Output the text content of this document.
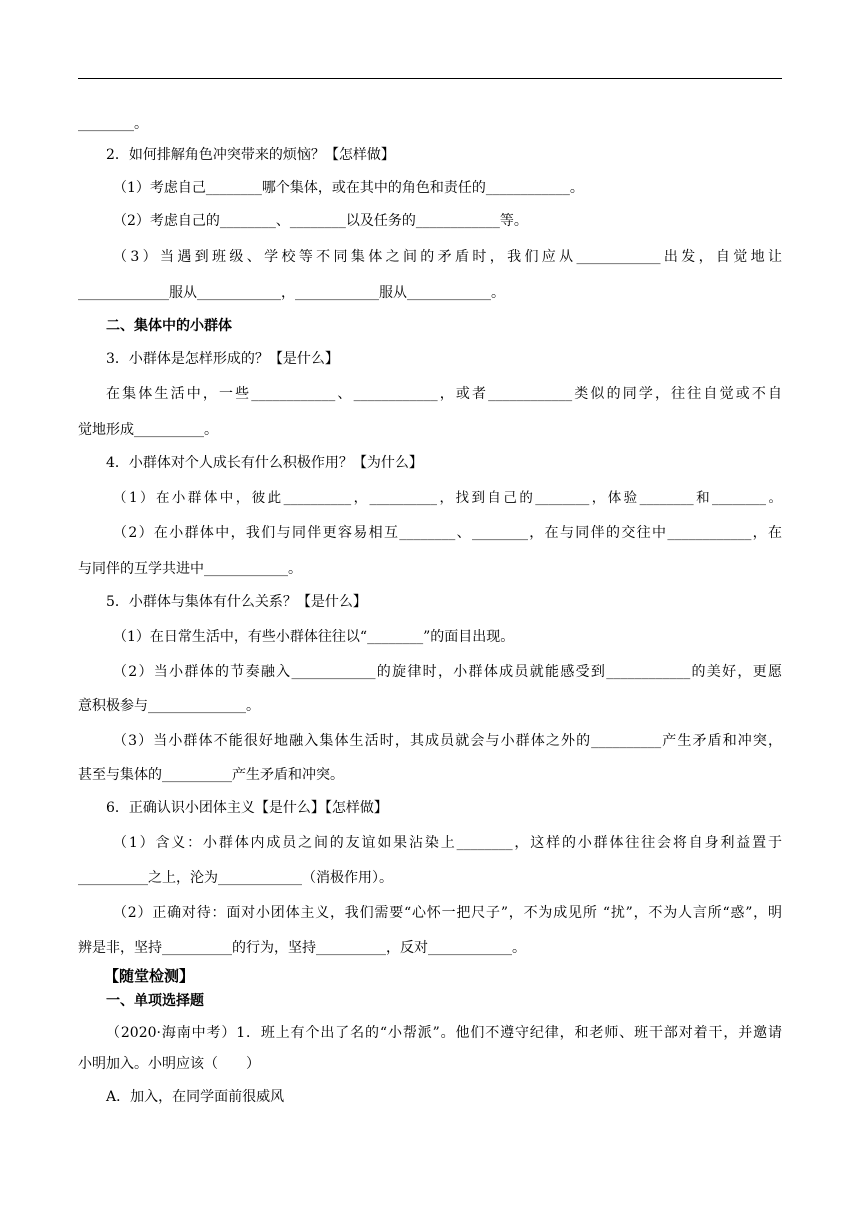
________。
2．如何排解角色冲突带来的烦恼？【怎样做】
（1）考虑自己________哪个集体，或在其中的角色和责任的____________。
（2）考虑自己的________、________以及任务的____________等。
（3）当遇到班级、学校等不同集体之间的矛盾时，我们应从____________出发，自觉地让
_____________服从____________，____________服从____________。
二、集体中的小群体
3．小群体是怎样形成的？【是什么】
在集体生活中，一些____________、____________，或者____________类似的同学，往往自觉或不自
觉地形成__________。
4．小群体对个人成长有什么积极作用？【为什么】
（1）在小群体中，彼此__________，__________，找到自己的________，体验________和________。
（2）在小群体中，我们与同伴更容易相互________、________，在与同伴的交往中____________，在
与同伴的互学共进中____________。
5．小群体与集体有什么关系？【是什么】
（1）在日常生活中，有些小群体往往以“________”的面目出现。
（2）当小群体的节奏融入____________的旋律时，小群体成员就能感受到____________的美好，更愿
意积极参与______________。
（3）当小群体不能很好地融入集体生活时，其成员就会与小群体之外的__________产生矛盾和冲突，
甚至与集体的__________产生矛盾和冲突。
6．正确认识小团体主义【是什么】【怎样做】
（1）含义：小群体内成员之间的友谊如果沾染上________，这样的小群体往往会将自身利益置于
__________之上，沦为____________（消极作用）。
（2）正确对待：面对小团体主义，我们需要“心怀一把尺子”，不为成见所 “扰”，不为人言所“惑”，明
辨是非，坚持__________的行为，坚持__________，反对____________。
【随堂检测】
一、单项选择题
（2020·海南中考）1．班上有个出了名的“小帮派”。他们不遵守纪律，和老师、班干部对着干，并邀请
小明加入。小明应该（　　）
A．加入，在同学面前很威风
